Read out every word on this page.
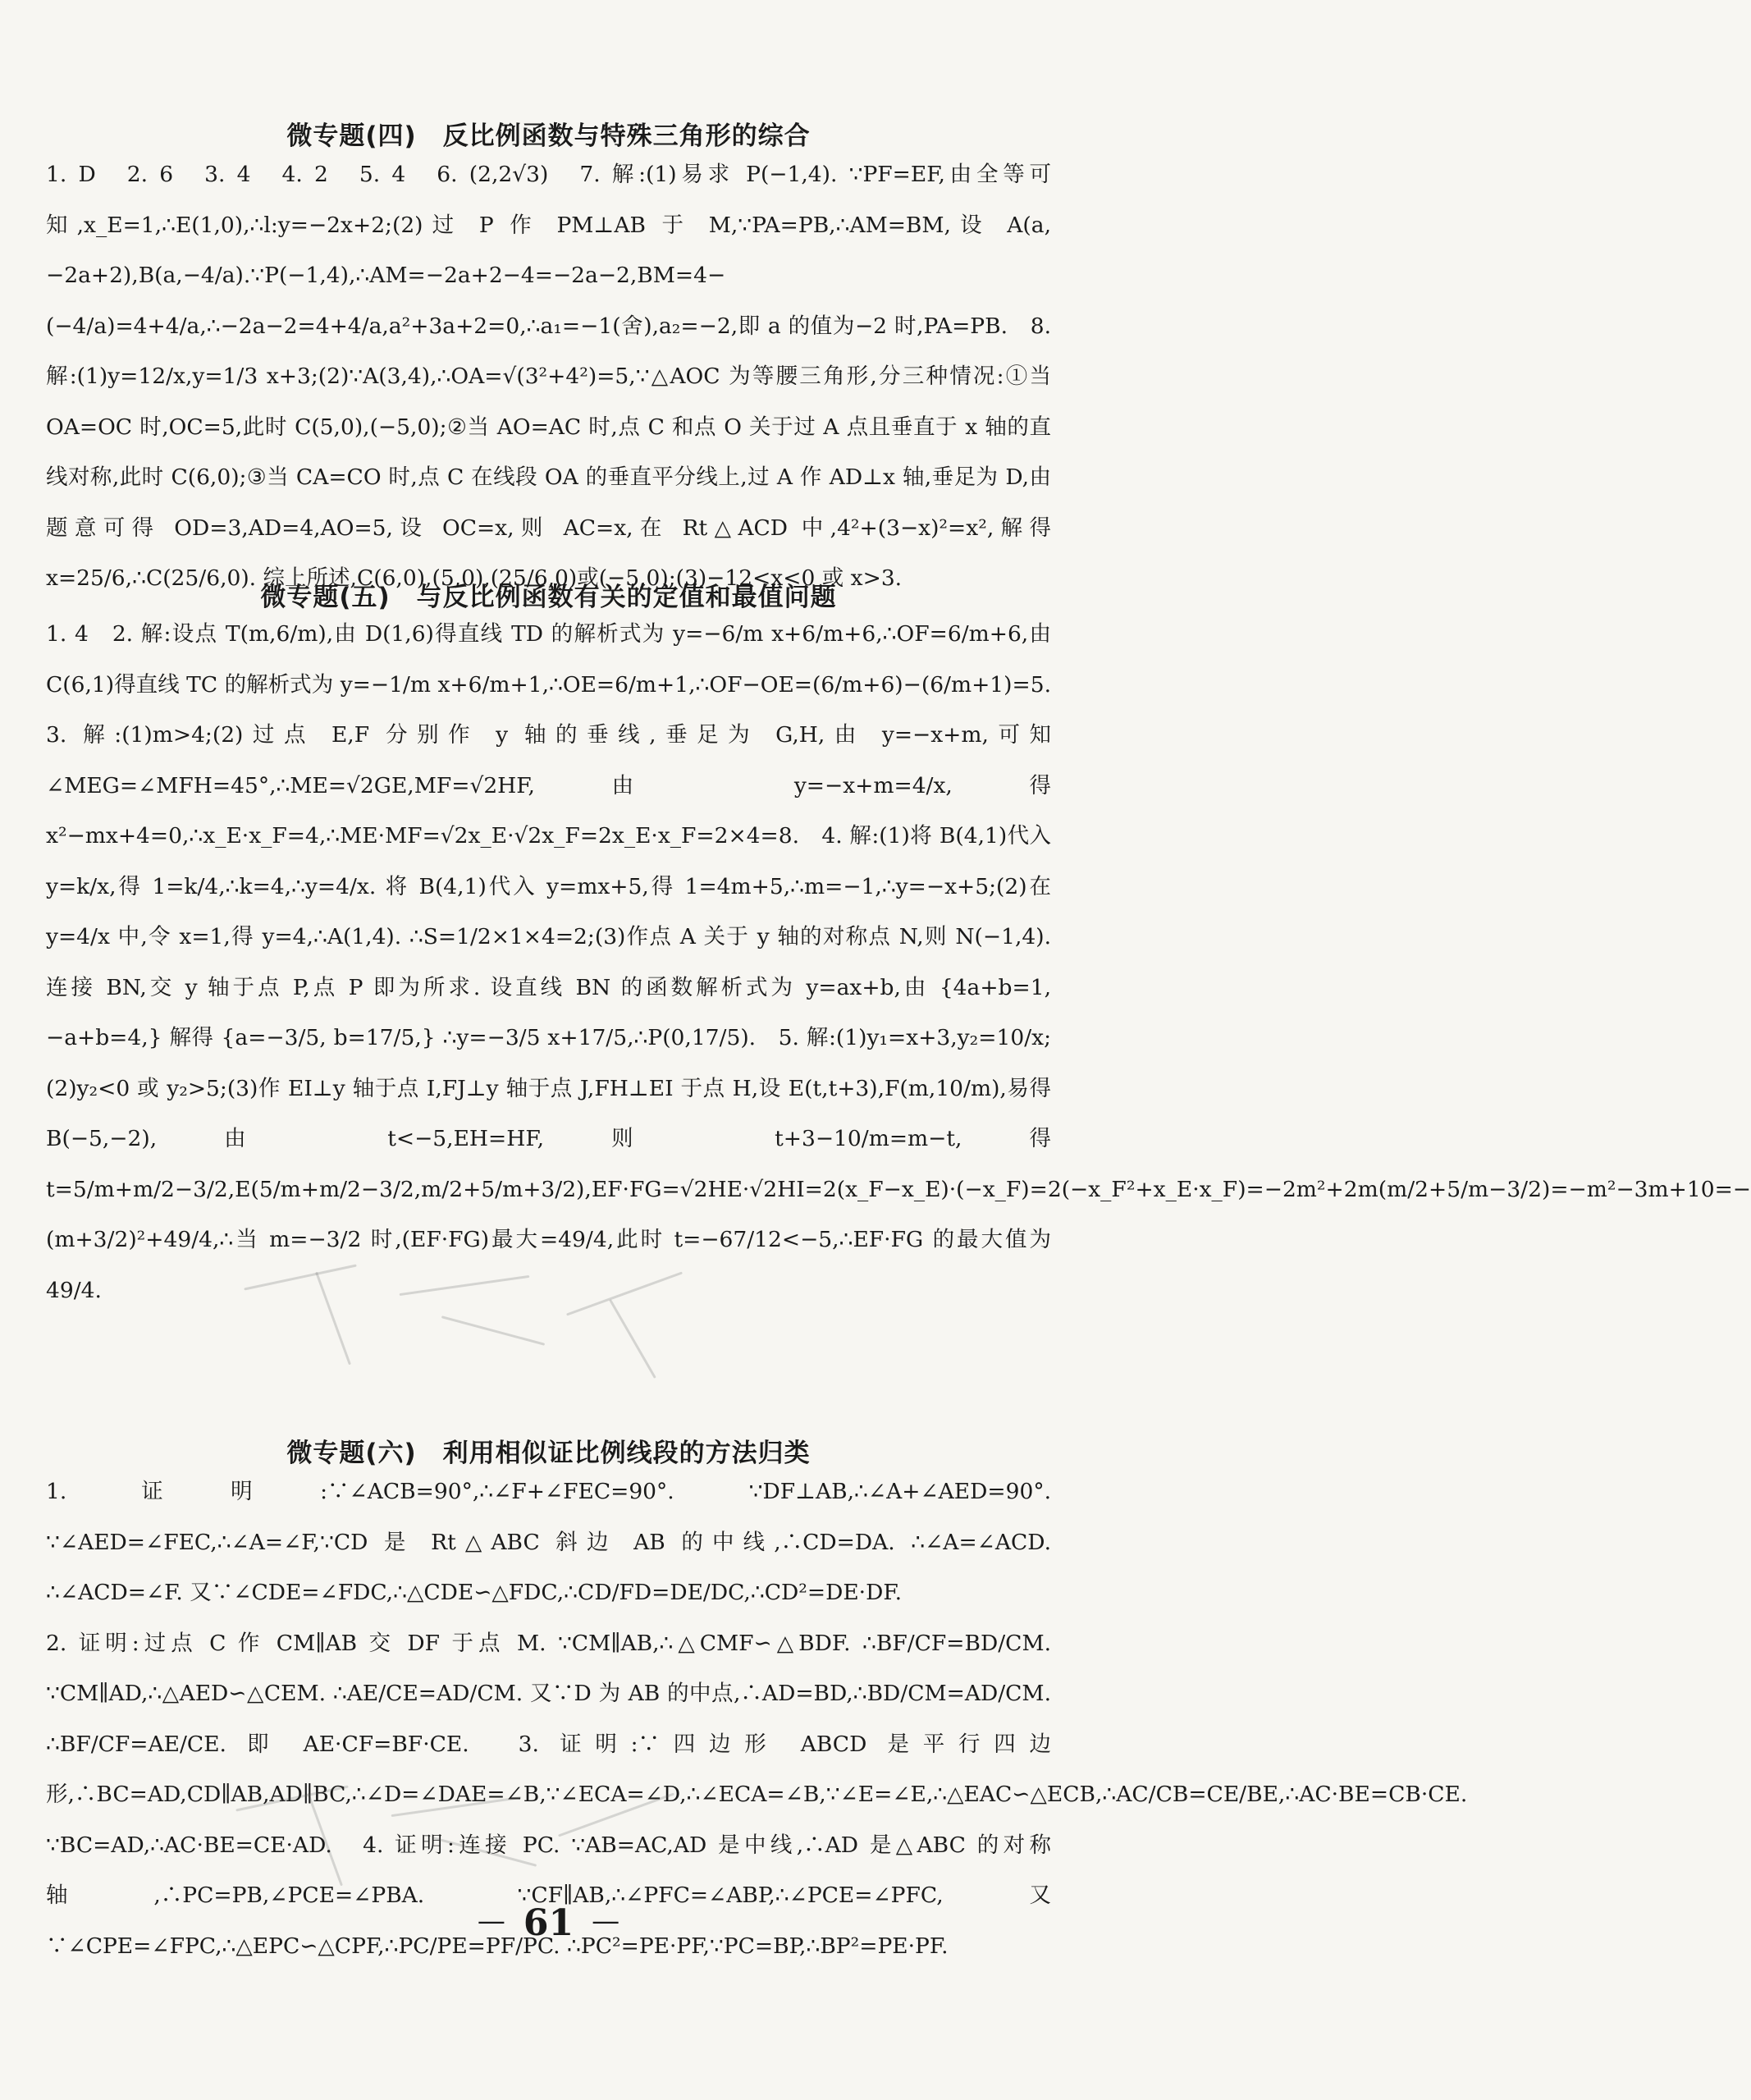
微专题(四)　反比例函数与特殊三角形的综合
1. D　2. 6　3. 4　4. 2　5. 4　6. (2,2√3)　7. 解:(1)易求 P(−1,4). ∵PF=EF,由全等可知,x_E=1,∴E(1,0),∴l:y=−2x+2;(2)过 P 作 PM⊥AB 于 M,∵PA=PB,∴AM=BM,设 A(a,−2a+2),B(a,−4/a).∵P(−1,4),∴AM=−2a+2−4=−2a−2,BM=4−(−4/a)=4+4/a,∴−2a−2=4+4/a,a²+3a+2=0,∴a₁=−1(舍),a₂=−2,即 a 的值为−2 时,PA=PB.　8. 解:(1)y=12/x,y=1/3 x+3;(2)∵A(3,4),∴OA=√(3²+4²)=5,∵△AOC 为等腰三角形,分三种情况:①当 OA=OC 时,OC=5,此时 C(5,0),(−5,0);②当 AO=AC 时,点 C 和点 O 关于过 A 点且垂直于 x 轴的直线对称,此时 C(6,0);③当 CA=CO 时,点 C 在线段 OA 的垂直平分线上,过 A 作 AD⊥x 轴,垂足为 D,由题意可得 OD=3,AD=4,AO=5,设 OC=x,则 AC=x,在 Rt△ACD 中,4²+(3−x)²=x²,解得 x=25/6,∴C(25/6,0). 综上所述,C(6,0),(5,0),(25/6,0)或(−5,0);(3)−12<x<0 或 x>3.
微专题(五)　与反比例函数有关的定值和最值问题
1. 4　2. 解:设点 T(m,6/m),由 D(1,6)得直线 TD 的解析式为 y=−6/m x+6/m+6,∴OF=6/m+6,由 C(6,1)得直线 TC 的解析式为 y=−1/m x+6/m+1,∴OE=6/m+1,∴OF−OE=(6/m+6)−(6/m+1)=5.　3. 解:(1)m>4;(2)过点 E,F 分别作 y 轴的垂线,垂足为 G,H,由 y=−x+m,可知∠MEG=∠MFH=45°,∴ME=√2GE,MF=√2HF,由 y=−x+m=4/x,得 x²−mx+4=0,∴x_E·x_F=4,∴ME·MF=√2x_E·√2x_F=2x_E·x_F=2×4=8.　4. 解:(1)将 B(4,1)代入 y=k/x,得 1=k/4,∴k=4,∴y=4/x. 将 B(4,1)代入 y=mx+5,得 1=4m+5,∴m=−1,∴y=−x+5;(2)在 y=4/x 中,令 x=1,得 y=4,∴A(1,4). ∴S=1/2×1×4=2;(3)作点 A 关于 y 轴的对称点 N,则 N(−1,4). 连接 BN,交 y 轴于点 P,点 P 即为所求. 设直线 BN 的函数解析式为 y=ax+b,由 {4a+b=1, −a+b=4,} 解得 {a=−3/5, b=17/5,} ∴y=−3/5 x+17/5,∴P(0,17/5).　5. 解:(1)y₁=x+3,y₂=10/x;(2)y₂<0 或 y₂>5;(3)作 EI⊥y 轴于点 I,FJ⊥y 轴于点 J,FH⊥EI 于点 H,设 E(t,t+3),F(m,10/m),易得 B(−5,−2),由 t<−5,EH=HF,则 t+3−10/m=m−t,得 t=5/m+m/2−3/2,E(5/m+m/2−3/2,m/2+5/m+3/2),EF·FG=√2HE·√2HI=2(x_F−x_E)·(−x_F)=2(−x_F²+x_E·x_F)=−2m²+2m(m/2+5/m−3/2)=−m²−3m+10=−(m+3/2)²+49/4,∴当 m=−3/2 时,(EF·FG)最大=49/4,此时 t=−67/12<−5,∴EF·FG 的最大值为 49/4.
微专题(六)　利用相似证比例线段的方法归类
1. 证明:∵∠ACB=90°,∴∠F+∠FEC=90°. ∵DF⊥AB,∴∠A+∠AED=90°. ∵∠AED=∠FEC,∴∠A=∠F,∵CD 是 Rt△ABC 斜边 AB 的中线,∴CD=DA. ∴∠A=∠ACD. ∴∠ACD=∠F. 又∵∠CDE=∠FDC,∴△CDE∽△FDC,∴CD/FD=DE/DC,∴CD²=DE·DF.
2. 证明:过点 C 作 CM∥AB 交 DF 于点 M. ∵CM∥AB,∴△CMF∽△BDF. ∴BF/CF=BD/CM. ∵CM∥AD,∴△AED∽△CEM. ∴AE/CE=AD/CM. 又∵D 为 AB 的中点,∴AD=BD,∴BD/CM=AD/CM. ∴BF/CF=AE/CE. 即 AE·CF=BF·CE.　3. 证明:∵四边形 ABCD 是平行四边形,∴BC=AD,CD∥AB,AD∥BC,∴∠D=∠DAE=∠B,∵∠ECA=∠D,∴∠ECA=∠B,∵∠E=∠E,∴△EAC∽△ECB,∴AC/CB=CE/BE,∴AC·BE=CB·CE. ∵BC=AD,∴AC·BE=CE·AD.　4. 证明:连接 PC. ∵AB=AC,AD 是中线,∴AD 是△ABC 的对称轴,∴PC=PB,∠PCE=∠PBA. ∵CF∥AB,∴∠PFC=∠ABP,∴∠PCE=∠PFC,又∵∠CPE=∠FPC,∴△EPC∽△CPF,∴PC/PE=PF/PC. ∴PC²=PE·PF,∵PC=BP,∴BP²=PE·PF.
— 61 —
